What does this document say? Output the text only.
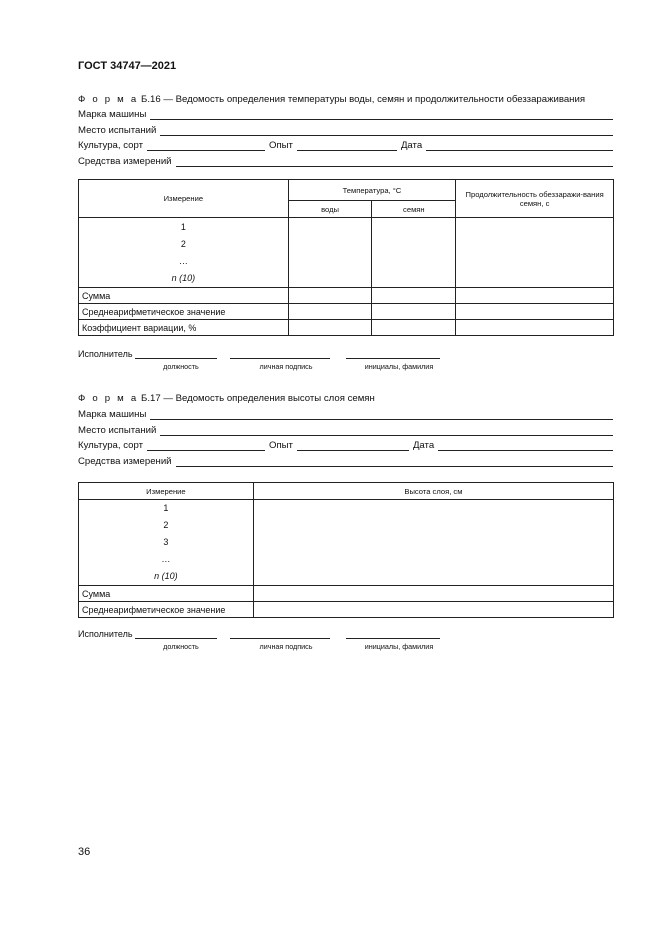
ГОСТ 34747—2021
Ф о р м а Б.16 — Ведомость определения температуры воды, семян и продолжительности обеззараживания
Марка машины
Место испытаний
Культура, сорт	Опыт	Дата
Средства измерений
Измерение	Температура, °С		Продолжительность обеззаражи-вания семян, с
	воды	семян	

1
2
…
n (10)			

Сумма			
Среднеарифметическое значение			
Коэффициент вариации, %			
Исполнитель
должность	личная подпись	инициалы, фамилия
Ф о р м а Б.17 — Ведомость определения высоты слоя семян
Марка машины
Место испытаний
Культура, сорт	Опыт	Дата
Средства измерений
Измерение	Высота слоя, см

1
2
3
…
n (10)	

Сумма	
Среднеарифметическое значение	
Исполнитель
должность	личная подпись	инициалы, фамилия
36
